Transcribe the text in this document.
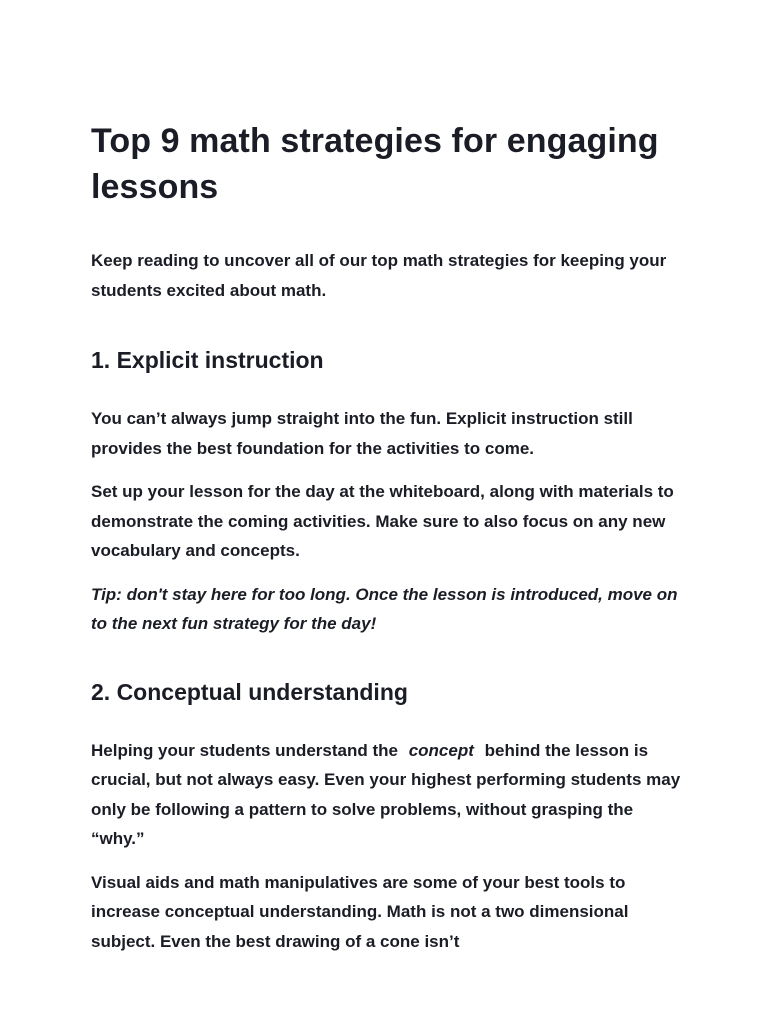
Top 9 math strategies for engaging lessons

Keep reading to uncover all of our top math strategies for keeping your students excited about math.

1. Explicit instruction

You can’t always jump straight into the fun. Explicit instruction still provides the best foundation for the activities to come.

Set up your lesson for the day at the whiteboard, along with materials to demonstrate the coming activities. Make sure to also focus on any new vocabulary and concepts.

Tip: don't stay here for too long. Once the lesson is introduced, move on to the next fun strategy for the day!

2. Conceptual understanding

Helping your students understand the concept behind the lesson is crucial, but not always easy. Even your highest performing students may only be following a pattern to solve problems, without grasping the “why.”

Visual aids and math manipulatives are some of your best tools to increase conceptual understanding. Math is not a two dimensional subject. Even the best drawing of a cone isn’t
